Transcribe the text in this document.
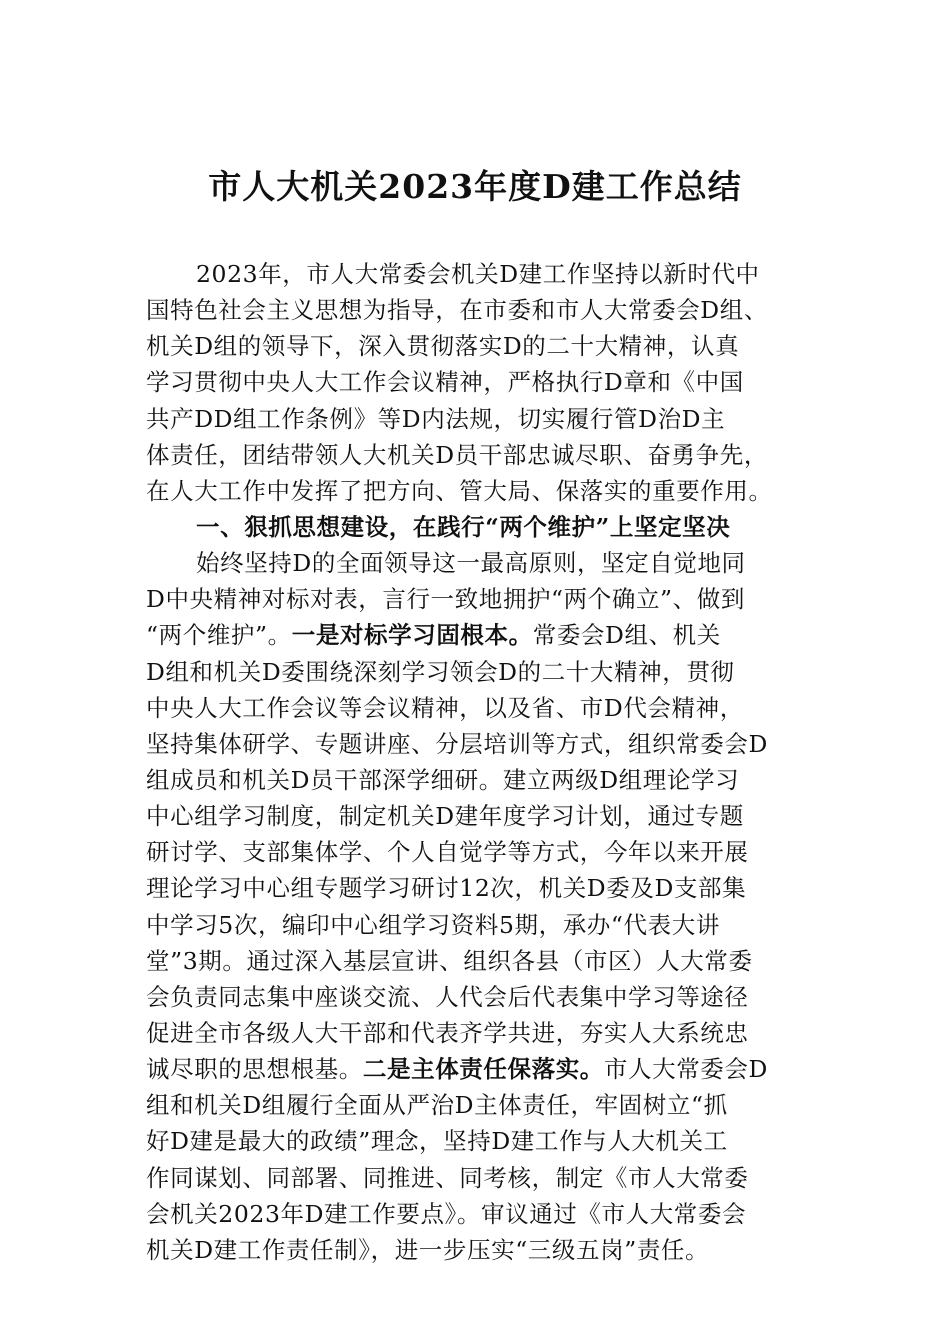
市人大机关2023年度D建工作总结
2023年，市人大常委会机关D建工作坚持以新时代中
国特色社会主义思想为指导，在市委和市人大常委会D组、
机关D组的领导下，深入贯彻落实D的二十大精神，认真
学习贯彻中央人大工作会议精神，严格执行D章和《中国
共产DD组工作条例》等D内法规，切实履行管D治D主
体责任，团结带领人大机关D员干部忠诚尽职、奋勇争先，
在人大工作中发挥了把方向、管大局、保落实的重要作用。
一、狠抓思想建设，在践行“两个维护”上坚定坚决
始终坚持D的全面领导这一最高原则，坚定自觉地同
D中央精神对标对表，言行一致地拥护“两个确立”、做到
“两个维护”。一是对标学习固根本。常委会D组、机关
D组和机关D委围绕深刻学习领会D的二十大精神，贯彻
中央人大工作会议等会议精神，以及省、市D代会精神，
坚持集体研学、专题讲座、分层培训等方式，组织常委会D
组成员和机关D员干部深学细研。建立两级D组理论学习
中心组学习制度，制定机关D建年度学习计划，通过专题
研讨学、支部集体学、个人自觉学等方式，今年以来开展
理论学习中心组专题学习研讨12次，机关D委及D支部集
中学习5次，编印中心组学习资料5期，承办“代表大讲
堂”3期。通过深入基层宣讲、组织各县（市区）人大常委
会负责同志集中座谈交流、人代会后代表集中学习等途径
促进全市各级人大干部和代表齐学共进，夯实人大系统忠
诚尽职的思想根基。二是主体责任保落实。市人大常委会D
组和机关D组履行全面从严治D主体责任，牢固树立“抓
好D建是最大的政绩”理念，坚持D建工作与人大机关工
作同谋划、同部署、同推进、同考核，制定《市人大常委
会机关2023年D建工作要点》。审议通过《市人大常委会
机关D建工作责任制》，进一步压实“三级五岗”责任。
